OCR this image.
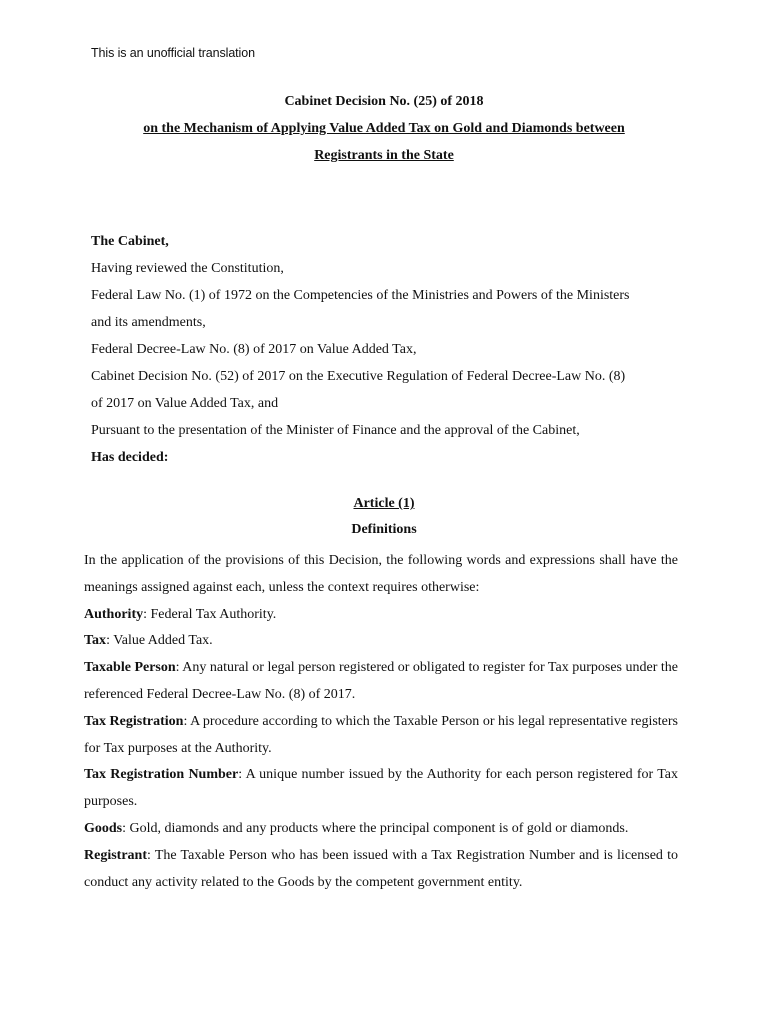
This is an unofficial translation
Cabinet Decision No. (25) of 2018
on the Mechanism of Applying Value Added Tax on Gold and Diamonds between
Registrants in the State
The Cabinet,
Having reviewed the Constitution,
Federal Law No. (1) of 1972 on the Competencies of the Ministries and Powers of the Ministers
and its amendments,
Federal Decree-Law No. (8) of 2017 on Value Added Tax,
Cabinet Decision No. (52) of 2017 on the Executive Regulation of Federal Decree-Law No. (8)
of 2017 on Value Added Tax, and
Pursuant to the presentation of the Minister of Finance and the approval of the Cabinet,
Has decided:
Article (1)
Definitions

In the application of the provisions of this Decision, the following words and expressions shall have the meanings assigned against each, unless the context requires otherwise:

Authority: Federal Tax Authority.

Tax: Value Added Tax.

Taxable Person: Any natural or legal person registered or obligated to register for Tax purposes under the referenced Federal Decree-Law No. (8) of 2017.

Tax Registration: A procedure according to which the Taxable Person or his legal representative registers for Tax purposes at the Authority.

Tax Registration Number: A unique number issued by the Authority for each person registered for Tax purposes.

Goods: Gold, diamonds and any products where the principal component is of gold or diamonds.

Registrant: The Taxable Person who has been issued with a Tax Registration Number and is licensed to conduct any activity related to the Goods by the competent government entity.
